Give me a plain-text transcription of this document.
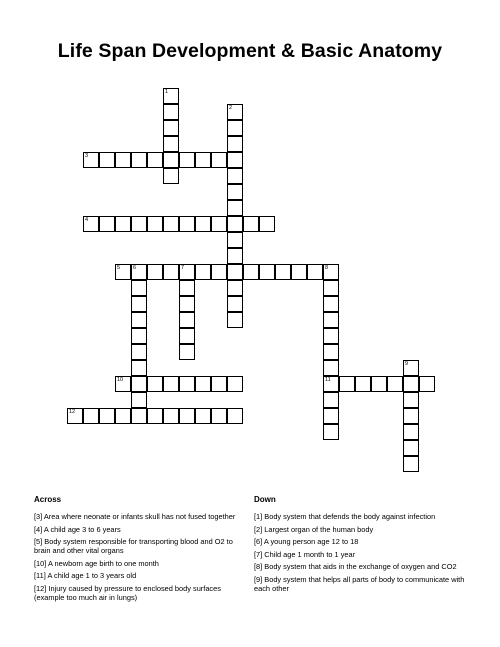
Life Span Development & Basic Anatomy
1
2
3
4
5 6	7	8
11
9
10
12
Across	Down
[3] Area where neonate or infants skull has not fused together
[4] A child age 3 to 6 years
[5] Body system responsible for transporting blood and O2 to brain and other vital organs
[10] A newborn age birth to one month
[11] A child age 1 to 3 years old
[12] Injury caused by pressure to enclosed body surfaces (example too much air in lungs)
[1] Body system that defends the body against infection
[2] Largest organ of the human body
[6] A young person age 12 to 18
[7] Child age 1 month to 1 year
[8] Body system that aids in the exchange of oxygen and CO2
[9] Body system that helps all parts of body to communicate with each other
